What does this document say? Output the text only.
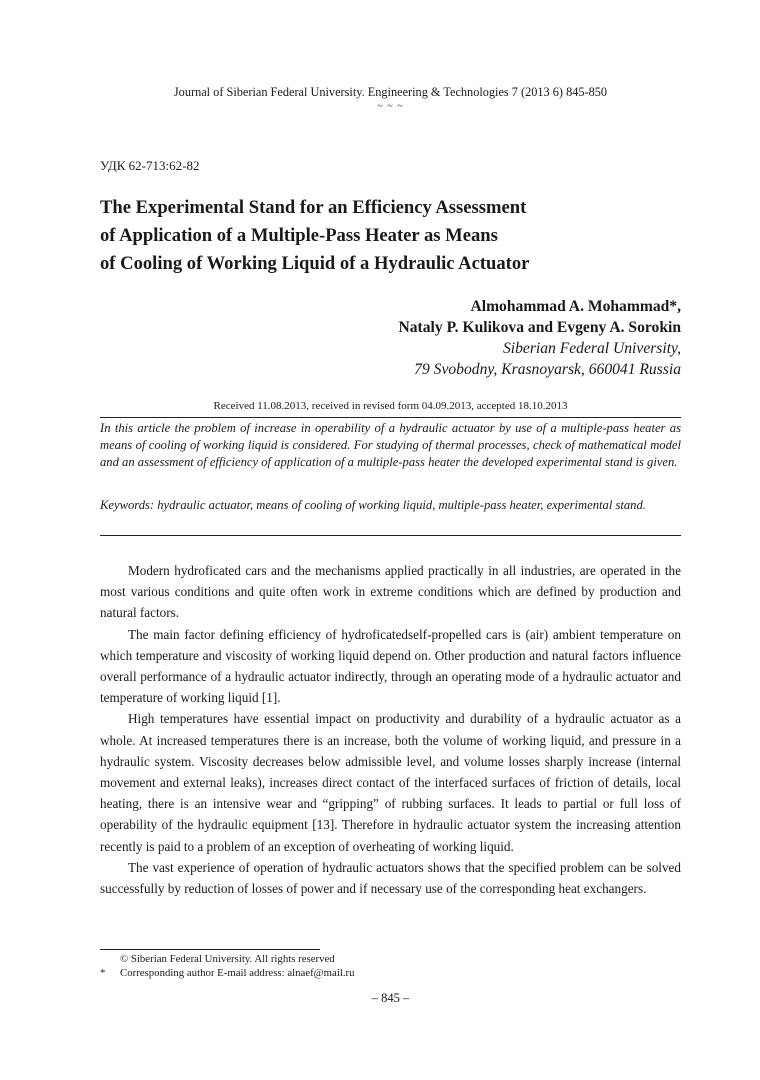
Journal of Siberian Federal University. Engineering & Technologies 7 (2013 6) 845-850
~ ~ ~
УДК 62-713:62-82
The Experimental Stand for an Efficiency Assessment
of Application of a Multiple-Pass Heater as Means
of Cooling of Working Liquid of a Hydraulic Actuator
Almohammad A. Mohammad*,
Nataly P. Kulikova and Evgeny A. Sorokin
Siberian Federal University,
79 Svobodny, Krasnoyarsk, 660041 Russia
Received 11.08.2013, received in revised form 04.09.2013, accepted 18.10.2013
In this article the problem of increase in operability of a hydraulic actuator by use of a multiple-pass heater as means of cooling of working liquid is considered. For studying of thermal processes, check of mathematical model and an assessment of efficiency of application of a multiple-pass heater the developed experimental stand is given.
Keywords: hydraulic actuator, means of cooling of working liquid, multiple-pass heater, experimental stand.

Modern hydroficated cars and the mechanisms applied practically in all industries, are operated in the most various conditions and quite often work in extreme conditions which are defined by production and natural factors.

The main factor defining efficiency of hydroficatedself-propelled cars is (air) ambient temperature on which temperature and viscosity of working liquid depend on. Other production and natural factors influence overall performance of a hydraulic actuator indirectly, through an operating mode of a hydraulic actuator and temperature of working liquid [1].

High temperatures have essential impact on productivity and durability of a hydraulic actuator as a whole. At increased temperatures there is an increase, both the volume of working liquid, and pressure in a hydraulic system. Viscosity decreases below admissible level, and volume losses sharply increase (internal movement and external leaks), increases direct contact of the interfaced surfaces of friction of details, local heating, there is an intensive wear and “gripping” of rubbing surfaces. It leads to partial or full loss of operability of the hydraulic equipment [13]. Therefore in hydraulic actuator system the increasing attention recently is paid to a problem of an exception of overheating of working liquid.

The vast experience of operation of hydraulic actuators shows that the specified problem can be solved successfully by reduction of losses of power and if necessary use of the corresponding heat exchangers.

© Siberian Federal University. All rights reserved
* Corresponding author E-mail address: alnaef@mail.ru
– 845 –
